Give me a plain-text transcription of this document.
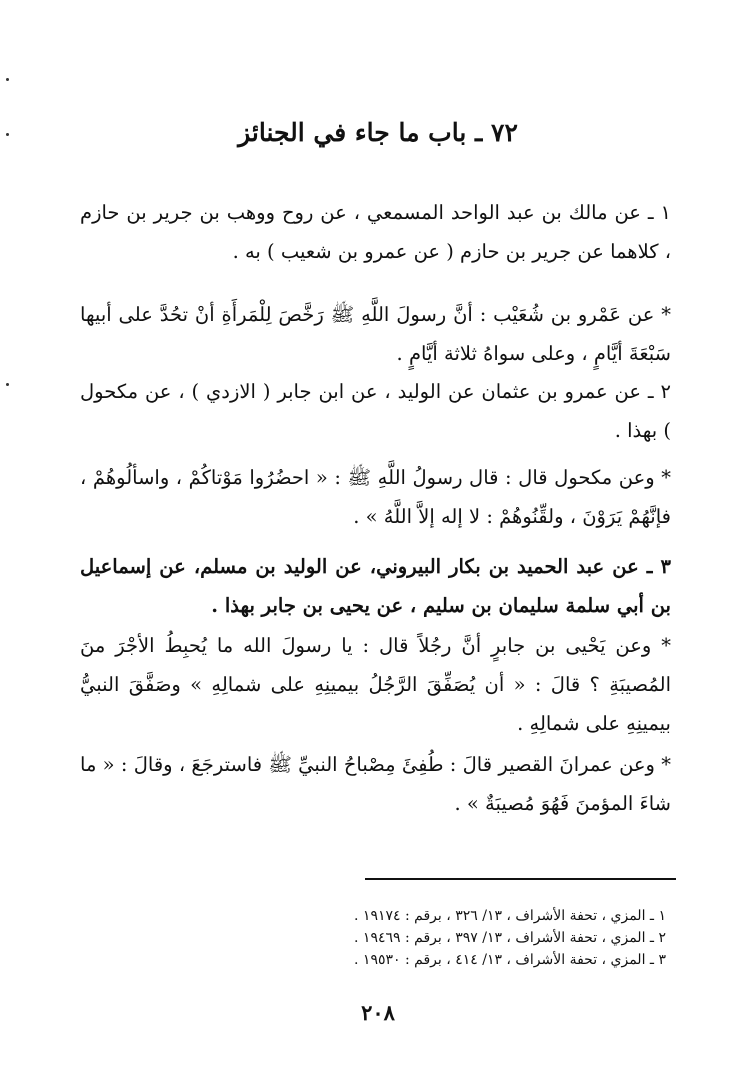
٧٢ ـ باب ما جاء في الجنائز

١ ـ عن مالك بن عبد الواحد المسمعي ، عن روح ووهب بن جرير بن حازم ، كلاهما عن جرير بن حازم ( عن عمرو بن شعيب ) به .

* عن عَمْرو بن شُعَيْب : أنَّ رسولَ اللَّهِ ﷺ رَخَّصَ لِلْمَرأَةِ أنْ تحُدَّ على أبيها سَبْعَةَ أيَّامٍ ، وعلى سواهُ ثلاثة أيَّامٍ .

٢ ـ عن عمرو بن عثمان عن الوليد ، عن ابن جابر ( الازدي ) ، عن مكحول ) بهذا .

* وعن مكحول قال : قال رسولُ اللَّهِ ﷺ : « احضُرُوا مَوْتاكُمْ ، واسألُوهُمْ ، فإنَّهُمْ يَرَوْنَ ، ولقِّنُوهُمْ : لا إله إلاَّ اللَّهُ » .

٣ ـ عن عبد الحميد بن بكار البيروني، عن الوليد بن مسلم، عن إسماعيل بن أبي سلمة سليمان بن سليم ، عن يحيى بن جابر بهذا .

* وعن يَحْيى بن جابرٍ أنَّ رجُلاً قال : يا رسولَ الله ما يُحبِطُ الأجْرَ منَ المُصيبَةِ ؟ قالَ : « أن يُصَفِّقَ الرَّجُلُ بيمينِهِ على شمالِهِ » وصَفَّقَ النبيُّ بيمينِهِ على شمالِهِ .

* وعن عمرانَ القصير قالَ : طُفِئَ مِصْباحُ النبيِّ ﷺ فاسترجَعَ ، وقالَ : « ما شاءَ المؤمنَ فَهُوَ مُصيبَةٌ » .

١ ـ المزي ، تحفة الأشراف ، ١٣/ ٣٢٦ ، برقم : ١٩١٧٤ .
٢ ـ المزي ، تحفة الأشراف ، ١٣/ ٣٩٧ ، برقم : ١٩٤٦٩ .
٣ ـ المزي ، تحفة الأشراف ، ١٣/ ٤١٤ ، برقم : ١٩٥٣٠ .
٢٠٨
